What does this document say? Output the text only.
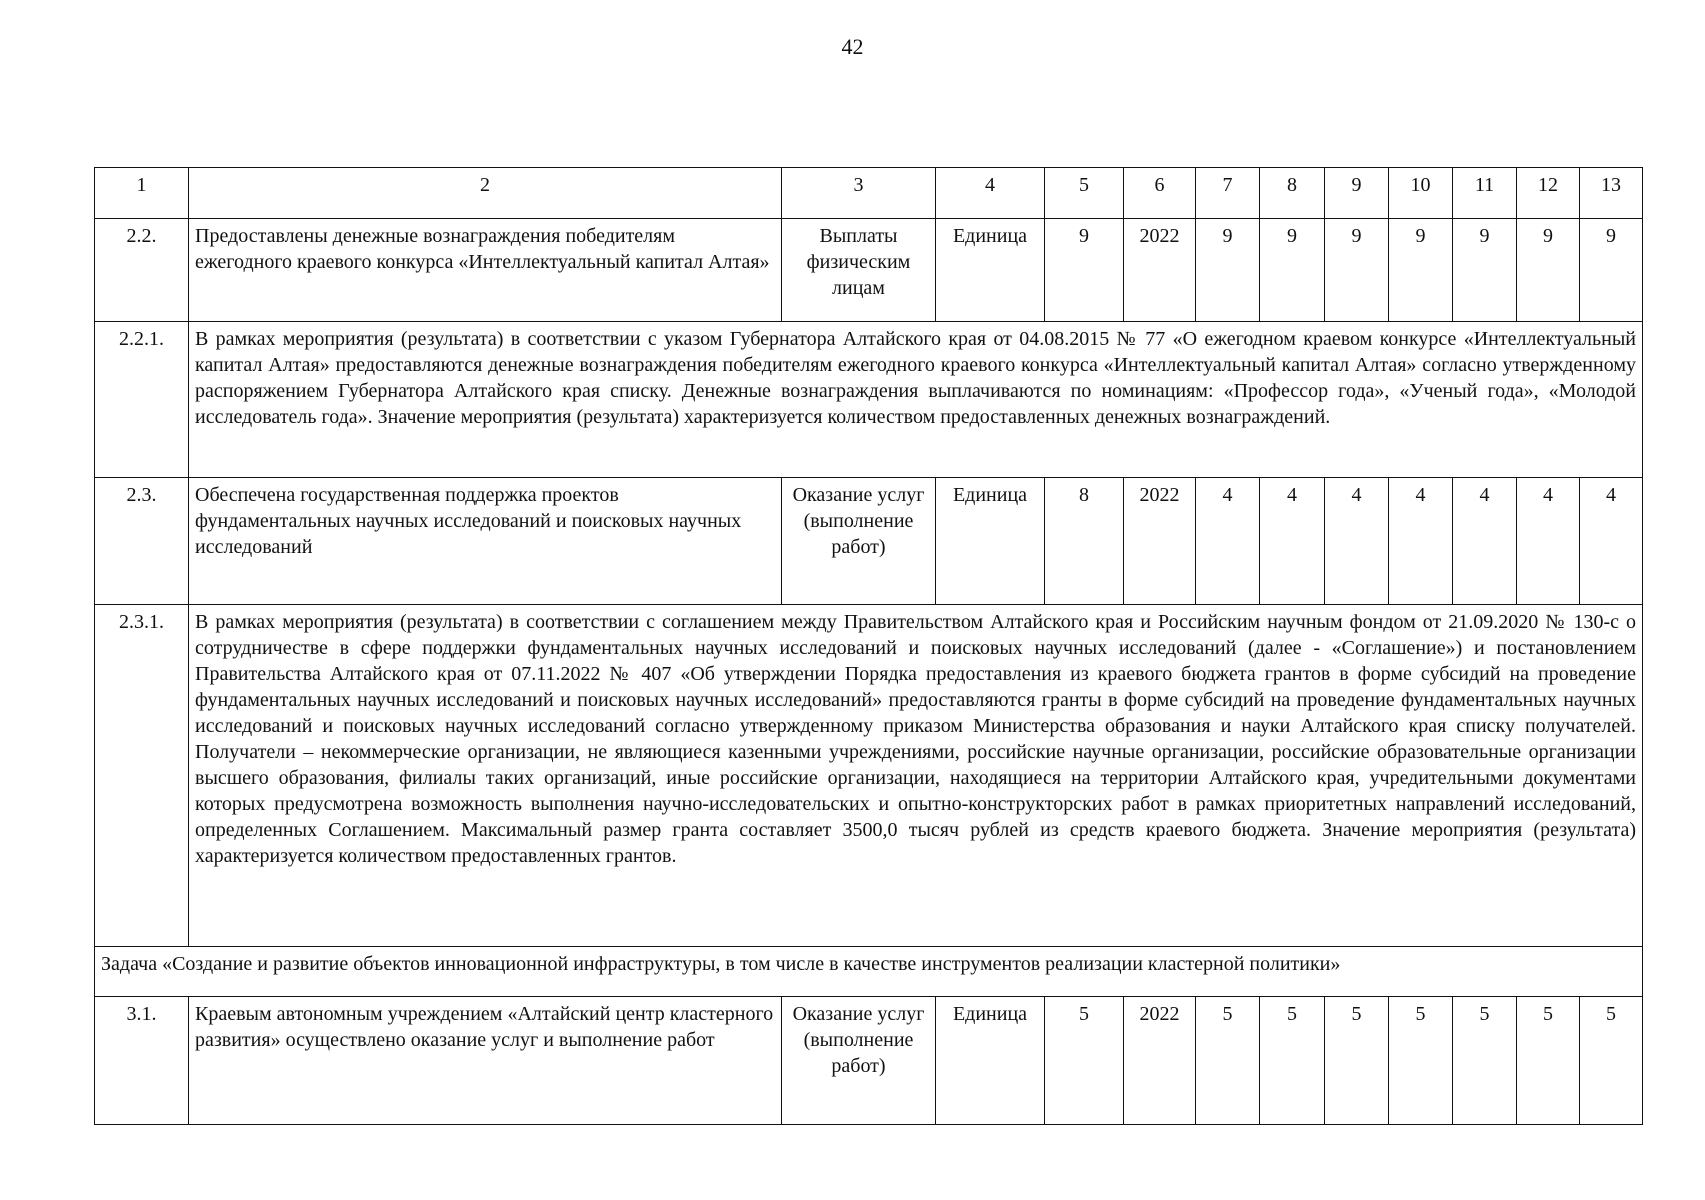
42
1	2	3	4	5	6	7	8	9	10	11	12	13
2.2.	Предоставлены денежные вознаграждения победителям ежегодного краевого конкурса «Интеллектуальный капитал Алтая»	Выплаты физическим лицам	Единица	9	2022	9	9	9	9	9	9	9
2.2.1.	В рамках мероприятия (результата) в соответствии с указом Губернатора Алтайского края от 04.08.2015 № 77 «О ежегодном краевом конкурсе «Интеллектуальный капитал Алтая» предоставляются денежные вознаграждения победителям ежегодного краевого конкурса «Интеллектуальный капитал Алтая» согласно утвержденному распоряжением Губернатора Алтайского края списку. Денежные вознаграждения выплачиваются по номинациям: «Профессор года», «Ученый года», «Молодой исследователь года». Значение мероприятия (результата) характеризуется количеством предоставленных денежных вознаграждений.											
2.3.	Обеспечена государственная поддержка проектов фундаментальных научных исследований и поисковых научных исследований	Оказание услуг (выполнение работ)	Единица	8	2022	4	4	4	4	4	4	4
2.3.1.	В рамках мероприятия (результата) в соответствии с соглашением между Правительством Алтайского края и Российским научным фондом от 21.09.2020 № 130-с о сотрудничестве в сфере поддержки фундаментальных научных исследований и поисковых научных исследований (далее - «Соглашение») и постановлением Правительства Алтайского края от 07.11.2022 № 407 «Об утверждении Порядка предоставления из краевого бюджета грантов в форме субсидий на проведение фундаментальных научных исследований и поисковых научных исследований» предоставляются гранты в форме субсидий на проведение фундаментальных научных исследований и поисковых научных исследований согласно утвержденному приказом Министерства образования и науки Алтайского края списку получателей. Получатели – некоммерческие организации, не являющиеся казенными учреждениями, российские научные организации, российские образовательные организации высшего образования, филиалы таких организаций, иные российские организации, находящиеся на территории Алтайского края, учредительными документами которых предусмотрена возможность выполнения научно-исследовательских и опытно-конструкторских работ в рамках приоритетных направлений исследований, определенных Соглашением. Максимальный размер гранта составляет 3500,0 тысяч рублей из средств краевого бюджета. Значение мероприятия (результата) характеризуется количеством предоставленных грантов.											
Задача «Создание и развитие объектов инновационной инфраструктуры, в том числе в качестве инструментов реализации кластерной политики»												
3.1.	Краевым автономным учреждением «Алтайский центр кластерного развития» осуществлено оказание услуг и выполнение работ	Оказание услуг (выполнение работ)	Единица	5	2022	5	5	5	5	5	5	5
